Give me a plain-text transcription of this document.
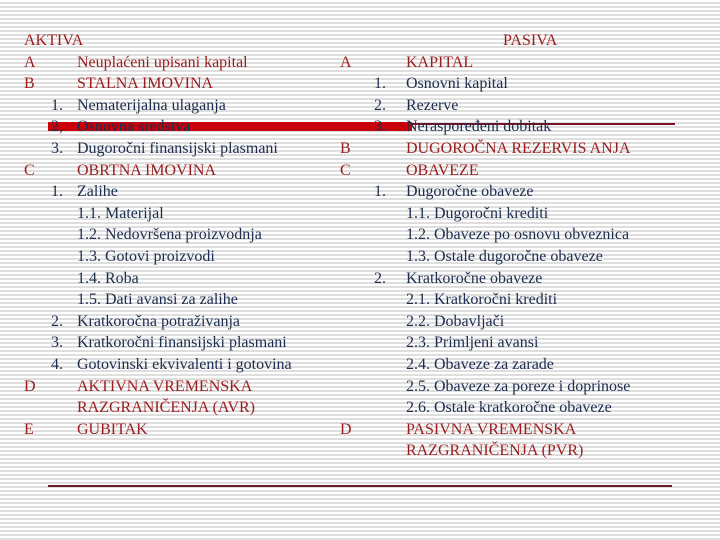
AKTIVA	PASIVA
A	Neuplaćeni upisani kapital
B	STALNA IMOVINA
1. Nematerijalna ulaganja
2, Osnovna sredstva
3. Dugoročni finansijski plasmani
C	OBRTNA IMOVINA
1. Zalihe
1.1. Materijal
1.2. Nedovršena proizvodnja
1.3. Gotovi proizvodi
1.4. Roba
1.5. Dati avansi za zalihe
2. Kratkoročna potraživanja
3. Kratkoročni finansijski plasmani
4. Gotovinski ekvivalenti i gotovina
D	AKTIVNA VREMENSKA
RAZGRANIČENJA (AVR)
E	GUBITAK
A	KAPITAL
1. Osnovni kapital
2. Rezerve
3. Neraspoređeni dobitak
B	DUGOROČNA REZERVIS ANJA
C	OBAVEZE
1. Dugoročne obaveze
1.1. Dugoročni krediti
1.2. Obaveze po osnovu obveznica
1.3. Ostale dugoročne obaveze
2. Kratkoročne obaveze
2.1. Kratkoročni krediti
2.2. Dobavljači
2.3. Primljeni avansi
2.4. Obaveze za zarade
2.5. Obaveze za poreze i doprinose
2.6. Ostale kratkoročne obaveze
D	PASIVNA VREMENSKA
RAZGRANIČENJA (PVR)
